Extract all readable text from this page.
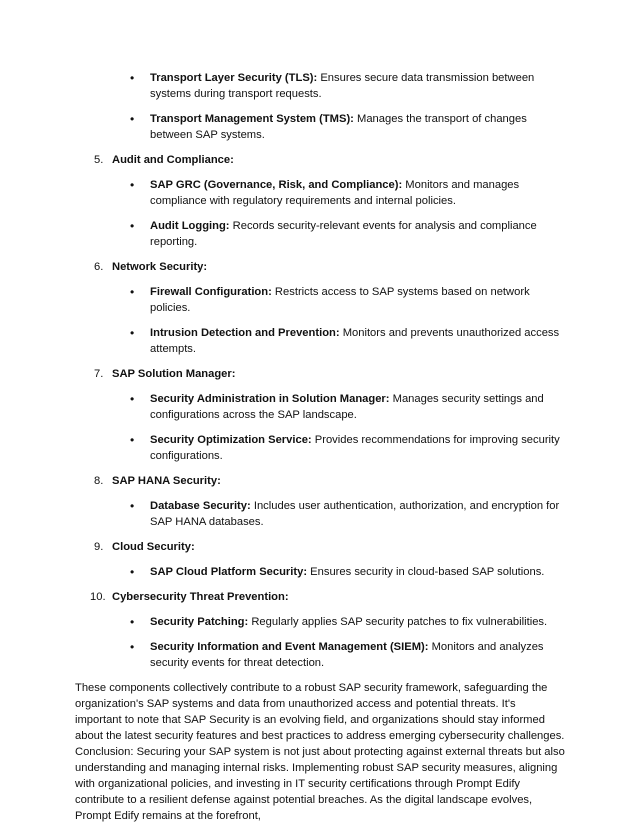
• Transport Layer Security (TLS): Ensures secure data transmission between systems during transport requests.
• Transport Management System (TMS): Manages the transport of changes between SAP systems.
5. Audit and Compliance:
• SAP GRC (Governance, Risk, and Compliance): Monitors and manages compliance with regulatory requirements and internal policies.
• Audit Logging: Records security-relevant events for analysis and compliance reporting.
6. Network Security:
• Firewall Configuration: Restricts access to SAP systems based on network policies.
• Intrusion Detection and Prevention: Monitors and prevents unauthorized access attempts.
7. SAP Solution Manager:
• Security Administration in Solution Manager: Manages security settings and configurations across the SAP landscape.
• Security Optimization Service: Provides recommendations for improving security configurations.
8. SAP HANA Security:
• Database Security: Includes user authentication, authorization, and encryption for SAP HANA databases.
9. Cloud Security:
• SAP Cloud Platform Security: Ensures security in cloud-based SAP solutions.
10. Cybersecurity Threat Prevention:
• Security Patching: Regularly applies SAP security patches to fix vulnerabilities.
• Security Information and Event Management (SIEM): Monitors and analyzes security events for threat detection.

These components collectively contribute to a robust SAP security framework, safeguarding the organization's SAP systems and data from unauthorized access and potential threats. It's important to note that SAP Security is an evolving field, and organizations should stay informed about the latest security features and best practices to address emerging cybersecurity challenges. Conclusion: Securing your SAP system is not just about protecting against external threats but also understanding and managing internal risks. Implementing robust SAP security measures, aligning with organizational policies, and investing in IT security certifications through Prompt Edify contribute to a resilient defense against potential breaches. As the digital landscape evolves, Prompt Edify remains at the forefront,
